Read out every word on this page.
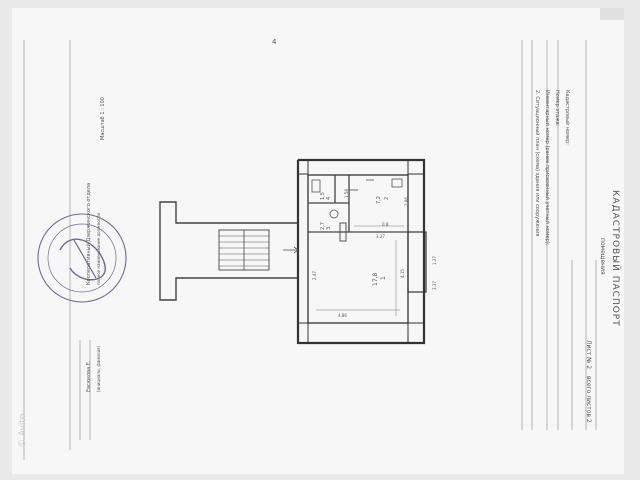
КАДАСТРОВЫЙ ПАСПОРТ
помещения
Лист № 2
всего листов 2
Кадастровый номер:
Номер этажа:
Инвентарный номер (ранее присвоенный учетный номер):
2. Ситуационный план (схема) здания или сооружения
Кооперативный Дзержинского отдела полное наименование должности
Масштаб 1 : 100
Евсюкова Е. (инициалы, фамилия)
4
© Avito
1
17,8
2
7,2
3
2,7
4
1,5
4.86
4.15
3.27
2.86
1.37
3.37
2.47
0.8
1.58
